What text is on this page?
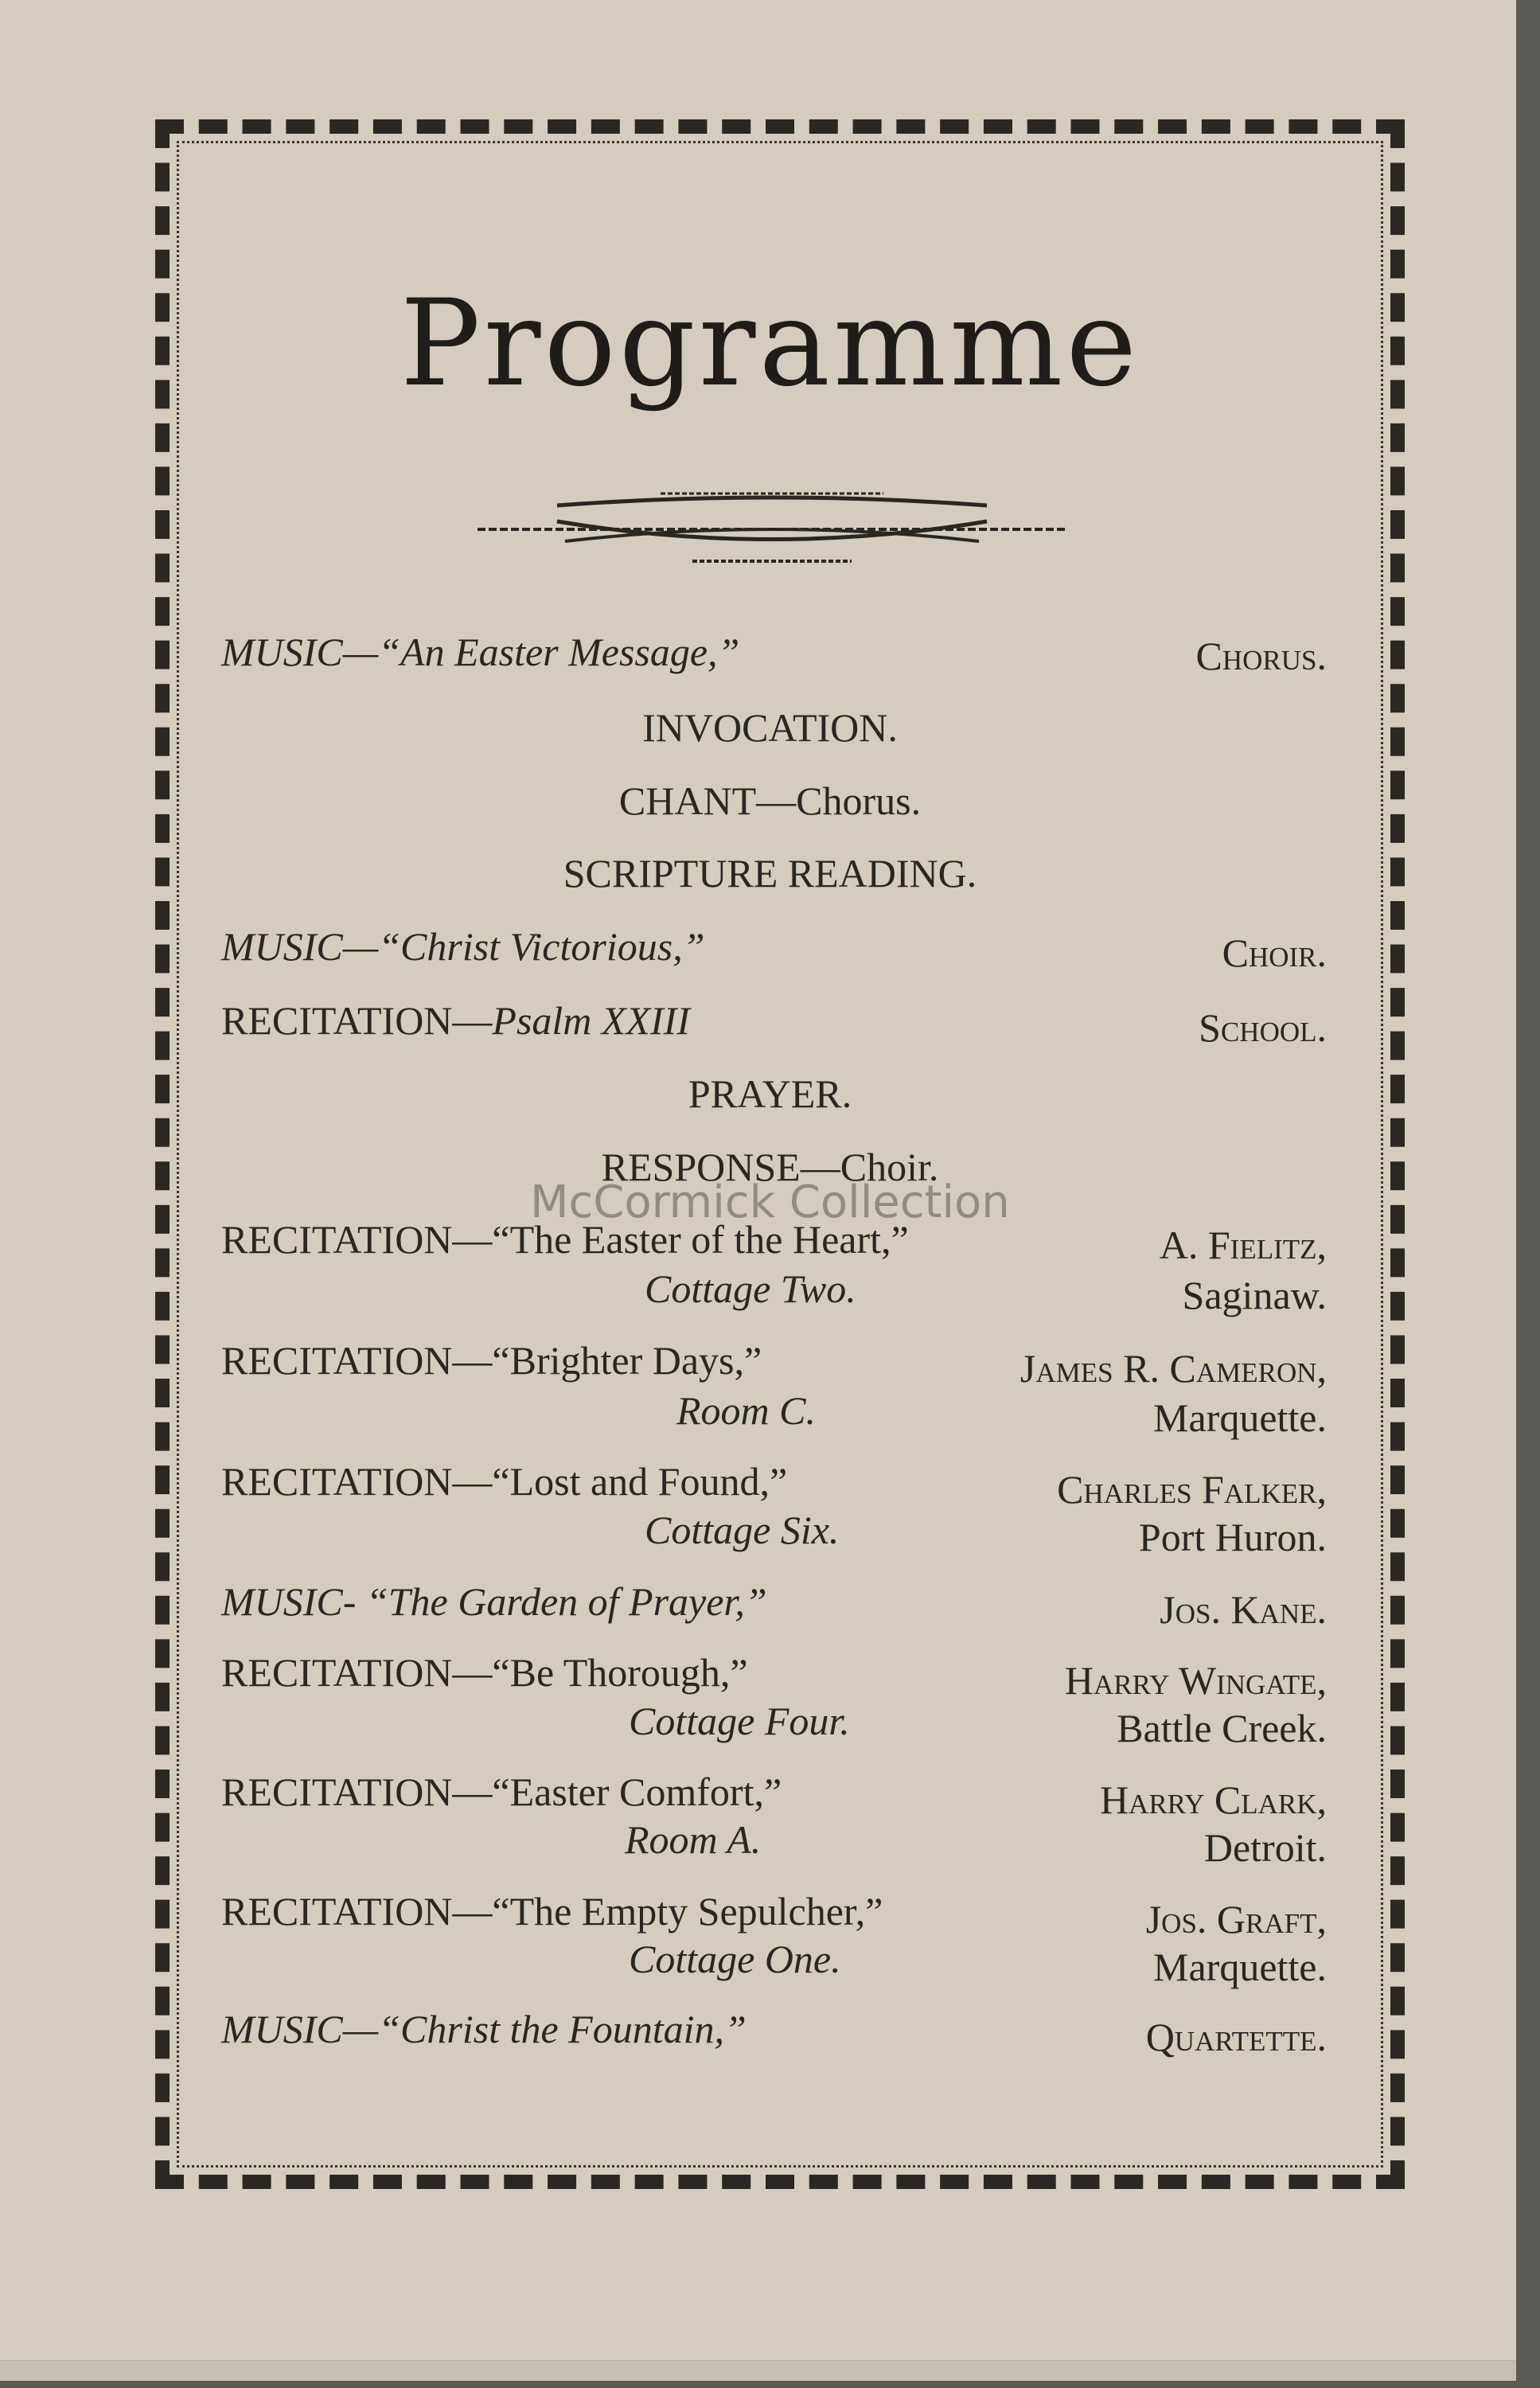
Programme
MUSIC—“An Easter Message,”	Chorus.
INVOCATION.
CHANT—Chorus.
SCRIPTURE READING.
MUSIC—“Christ Victorious,”	Choir.
RECITATION—Psalm XXIII	School.
PRAYER.
RESPONSE—Choir.
McCormick Collection
RECITATION—“The Easter of the Heart,”	A. Fielitz,
Cottage Two.	Saginaw.
RECITATION—“Brighter Days,”	James R. Cameron,
Room C.	Marquette.
RECITATION—“Lost and Found,”	Charles Falker,
Cottage Six.	Port Huron.
MUSIC- “The Garden of Prayer,”	Jos. Kane.
RECITATION—“Be Thorough,”	Harry Wingate,
Cottage Four.	Battle Creek.
RECITATION—“Easter Comfort,”	Harry Clark,
Room A.	Detroit.
RECITATION—“The Empty Sepulcher,”	Jos. Graft,
Cottage One.	Marquette.
MUSIC—“Christ the Fountain,”	Quartette.
